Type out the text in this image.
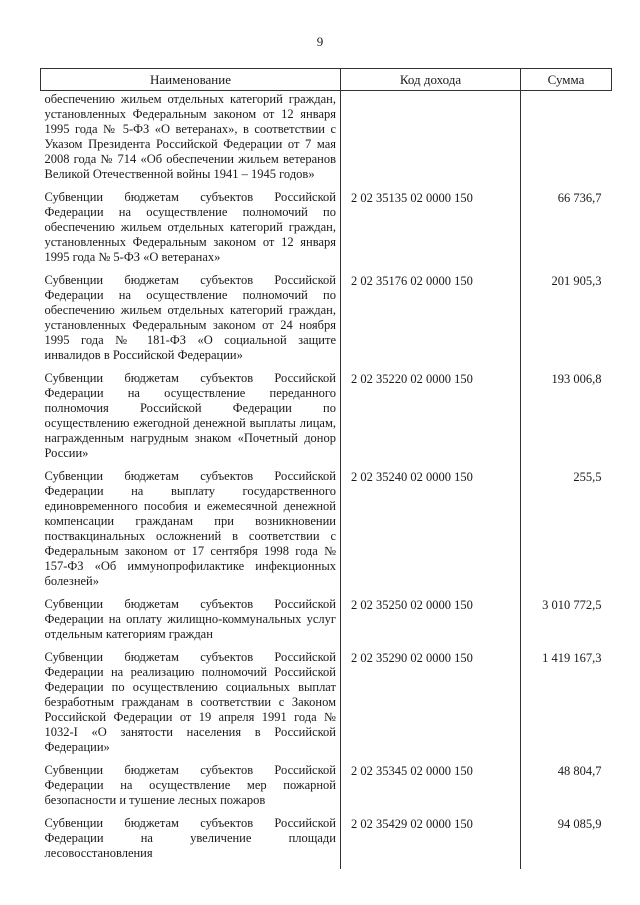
9
Наименование	Код дохода	Сумма
обеспечению жильем отдельных категорий граждан, установленных Федеральным законом от 12 января 1995 года № 5-ФЗ «О ветеранах», в соответствии с Указом Президента Российской Федерации от 7 мая 2008 года № 714 «Об обеспечении жильем ветеранов Великой Отечественной войны 1941 – 1945 годов»		
Субвенции бюджетам субъектов Российской Федерации на осуществление полномочий по обеспечению жильем отдельных категорий граждан, установленных Федеральным законом от 12 января 1995 года № 5-ФЗ «О ветеранах»	2 02 35135 02 0000 150	66 736,7
Субвенции бюджетам субъектов Российской Федерации на осуществление полномочий по обеспечению жильем отдельных категорий граждан, установленных Федеральным законом от 24 ноября 1995 года № 181-ФЗ «О социальной защите инвалидов в Российской Федерации»	2 02 35176 02 0000 150	201 905,3
Субвенции бюджетам субъектов Российской Федерации на осуществление переданного полномочия Российской Федерации по осуществлению ежегодной денежной выплаты лицам, награжденным нагрудным знаком «Почетный донор России»	2 02 35220 02 0000 150	193 006,8
Субвенции бюджетам субъектов Российской Федерации на выплату государственного единовременного пособия и ежемесячной денежной компенсации гражданам при возникновении поствакцинальных осложнений в соответствии с Федеральным законом от 17 сентября 1998 года № 157-ФЗ «Об иммунопрофилактике инфекционных болезней»	2 02 35240 02 0000 150	255,5
Субвенции бюджетам субъектов Российской Федерации на оплату жилищно-коммунальных услуг отдельным категориям граждан	2 02 35250 02 0000 150	3 010 772,5
Субвенции бюджетам субъектов Российской Федерации на реализацию полномочий Российской Федерации по осуществлению социальных выплат безработным гражданам в соответствии с Законом Российской Федерации от 19 апреля 1991 года № 1032-I «О занятости населения в Российской Федерации»	2 02 35290 02 0000 150	1 419 167,3
Субвенции бюджетам субъектов Российской Федерации на осуществление мер пожарной безопасности и тушение лесных пожаров	2 02 35345 02 0000 150	48 804,7
Субвенции бюджетам субъектов Российской Федерации на увеличение площади лесовосстановления	2 02 35429 02 0000 150	94 085,9
